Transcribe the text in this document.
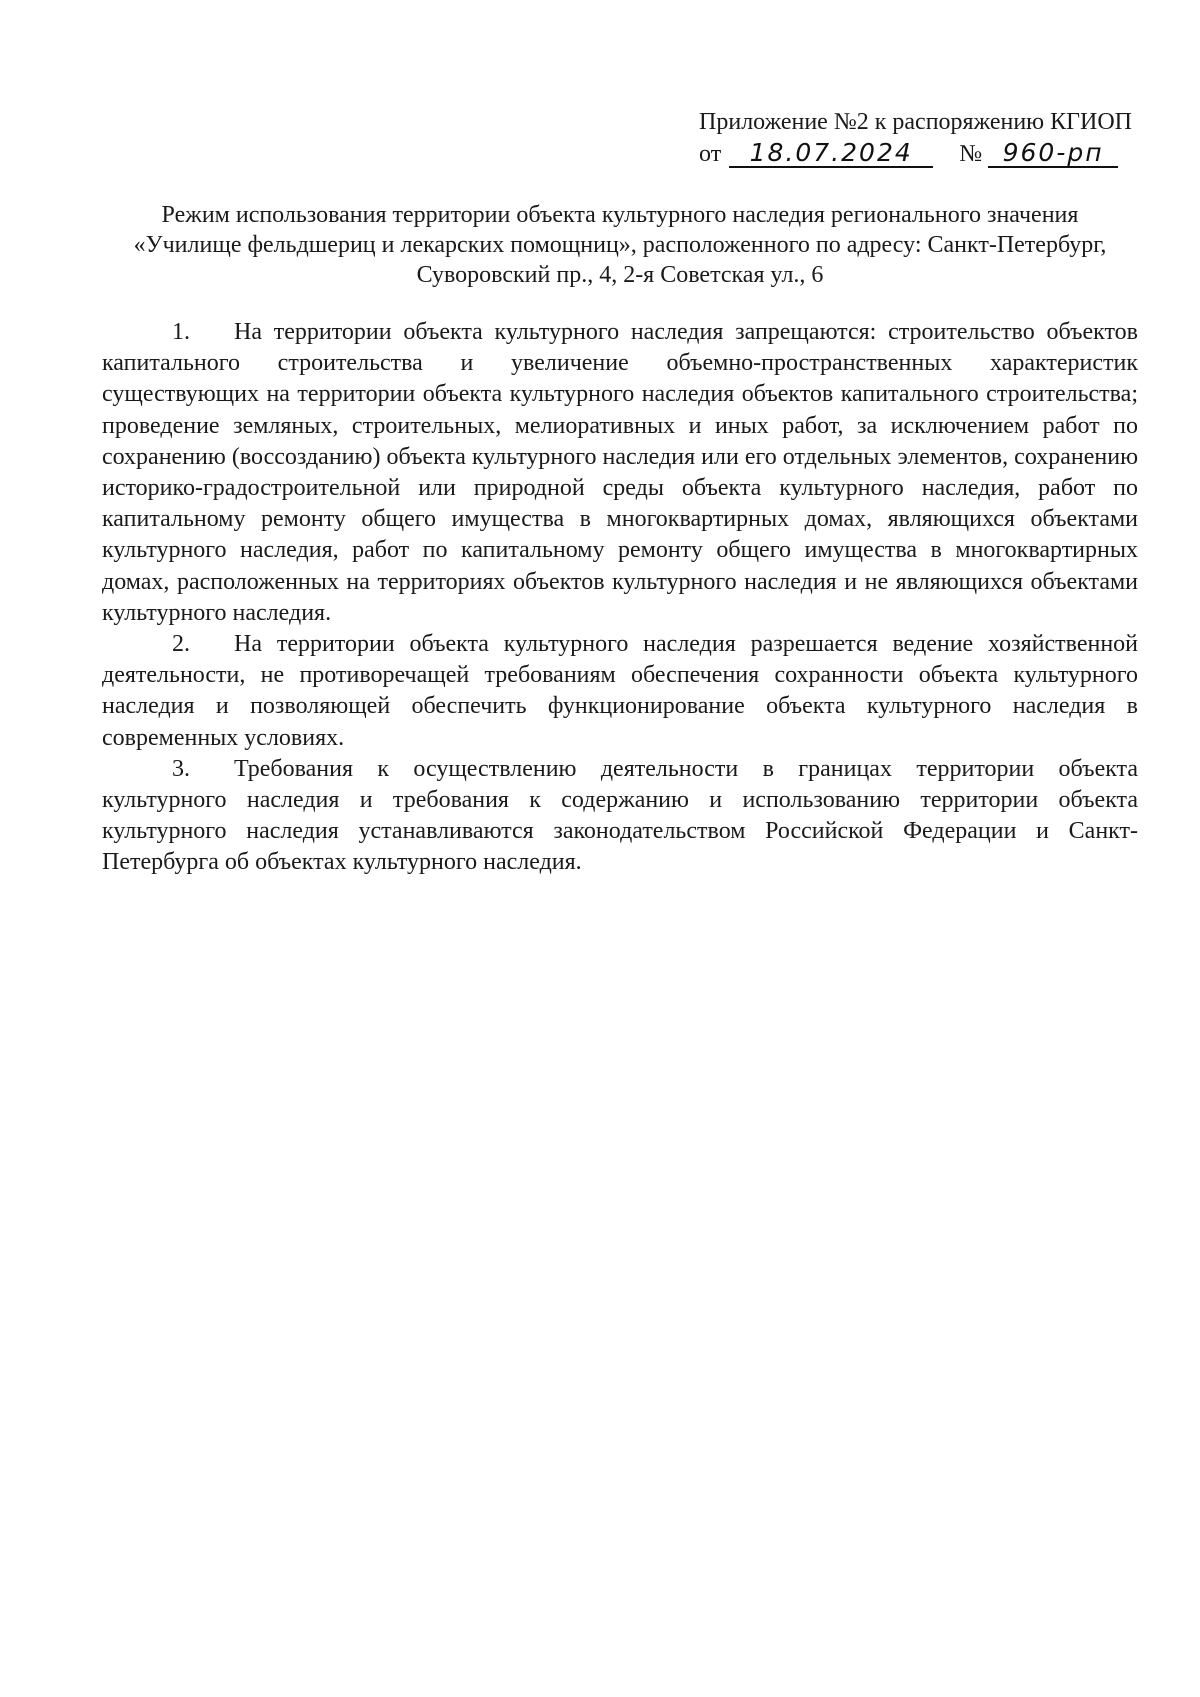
Приложение №2 к распоряжению КГИОП
от 18.07.2024 № 960-рп
Режим использования территории объекта культурного наследия регионального значения
«Училище фельдшериц и лекарских помощниц», расположенного по адресу: Санкт-Петербург,
Суворовский пр., 4, 2-я Советская ул., 6

1. На территории объекта культурного наследия запрещаются: строительство объектов капитального строительства и увеличение объемно-пространственных характеристик существующих на территории объекта культурного наследия объектов капитального строительства; проведение земляных, строительных, мелиоративных и иных работ, за исключением работ по сохранению (воссозданию) объекта культурного наследия или его отдельных элементов, сохранению историко-градостроительной или природной среды объекта культурного наследия, работ по капитальному ремонту общего имущества в многоквартирных домах, являющихся объектами культурного наследия, работ по капитальному ремонту общего имущества в многоквартирных домах, расположенных на территориях объектов культурного наследия и не являющихся объектами культурного наследия.

2. На территории объекта культурного наследия разрешается ведение хозяйственной деятельности, не противоречащей требованиям обеспечения сохранности объекта культурного наследия и позволяющей обеспечить функционирование объекта культурного наследия в современных условиях.

3. Требования к осуществлению деятельности в границах территории объекта культурного наследия и требования к содержанию и использованию территории объекта культурного наследия устанавливаются законодательством Российской Федерации и Санкт-Петербурга об объектах культурного наследия.
